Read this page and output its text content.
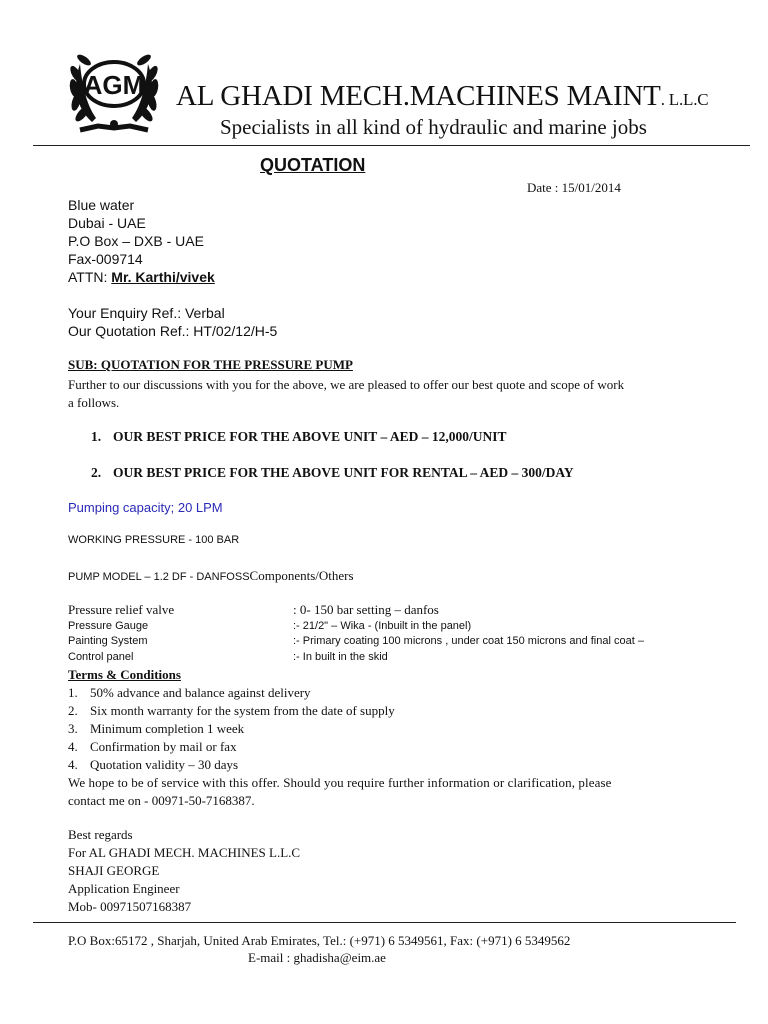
AGM AL GHADI MECH.MACHINES MAINT. L.L.C
Specialists in all kind of hydraulic and marine jobs
QUOTATION
Date : 15/01/2014
Blue water
Dubai - UAE
P.O Box – DXB - UAE
Fax-009714
ATTN: Mr. Karthi/vivek
Your Enquiry Ref.: Verbal
Our Quotation Ref.: HT/02/12/H-5
SUB: QUOTATION FOR THE PRESSURE PUMP
Further to our discussions with you for the above, we are pleased to offer our best quote and scope of work
a follows.
1. OUR BEST PRICE FOR THE ABOVE UNIT – AED – 12,000/UNIT
2. OUR BEST PRICE FOR THE ABOVE UNIT FOR RENTAL – AED – 300/DAY
Pumping capacity; 20 LPM
WORKING PRESSURE - 100 BAR
PUMP MODEL – 1.2 DF - DANFOSSComponents/Others
Pressure relief valve	: 0- 150 bar setting – danfos
Pressure Gauge	:- 21/2" – Wika - (Inbuilt in the panel)
Painting System	:- Primary coating 100 microns , under coat 150 microns and final coat –
Control panel	:- In built in the skid
Terms & Conditions
1. 50% advance and balance against delivery
2. Six month warranty for the system from the date of supply
3. Minimum completion 1 week
4. Confirmation by mail or fax
4. Quotation validity – 30 days
We hope to be of service with this offer. Should you require further information or clarification, please
contact me on - 00971-50-7168387.
Best regards
For AL GHADI MECH. MACHINES L.L.C
SHAJI GEORGE
Application Engineer
Mob- 00971507168387
P.O Box:65172 , Sharjah, United Arab Emirates, Tel.: (+971) 6 5349561, Fax: (+971) 6 5349562
E-mail : ghadisha@eim.ae
